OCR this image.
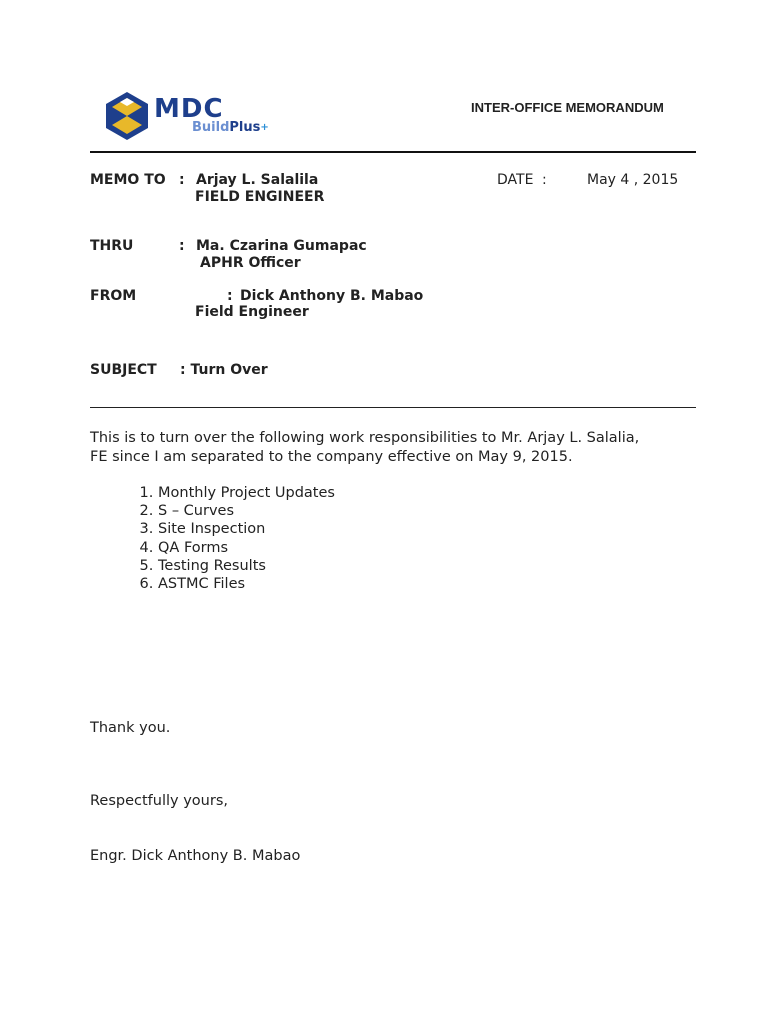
MDC
BuildPlus+
INTER-OFFICE MEMORANDUM
MEMO TO : Arjay L. Salalila
FIELD ENGINEER
DATE :	May 4 , 2015
THRU	: Ma. Czarina Gumapac
APHR Officer
FROM	: Dick Anthony B. Mabao
Field Engineer
SUBJECT : Turn Over
This is to turn over the following work responsibilities to Mr. Arjay L. Salalia,
FE since I am separated to the company effective on May 9, 2015.
1. Monthly Project Updates
2. S – Curves
3. Site Inspection
4. QA Forms
5. Testing Results
6. ASTMC Files
Thank you.
Respectfully yours,
Engr. Dick Anthony B. Mabao
